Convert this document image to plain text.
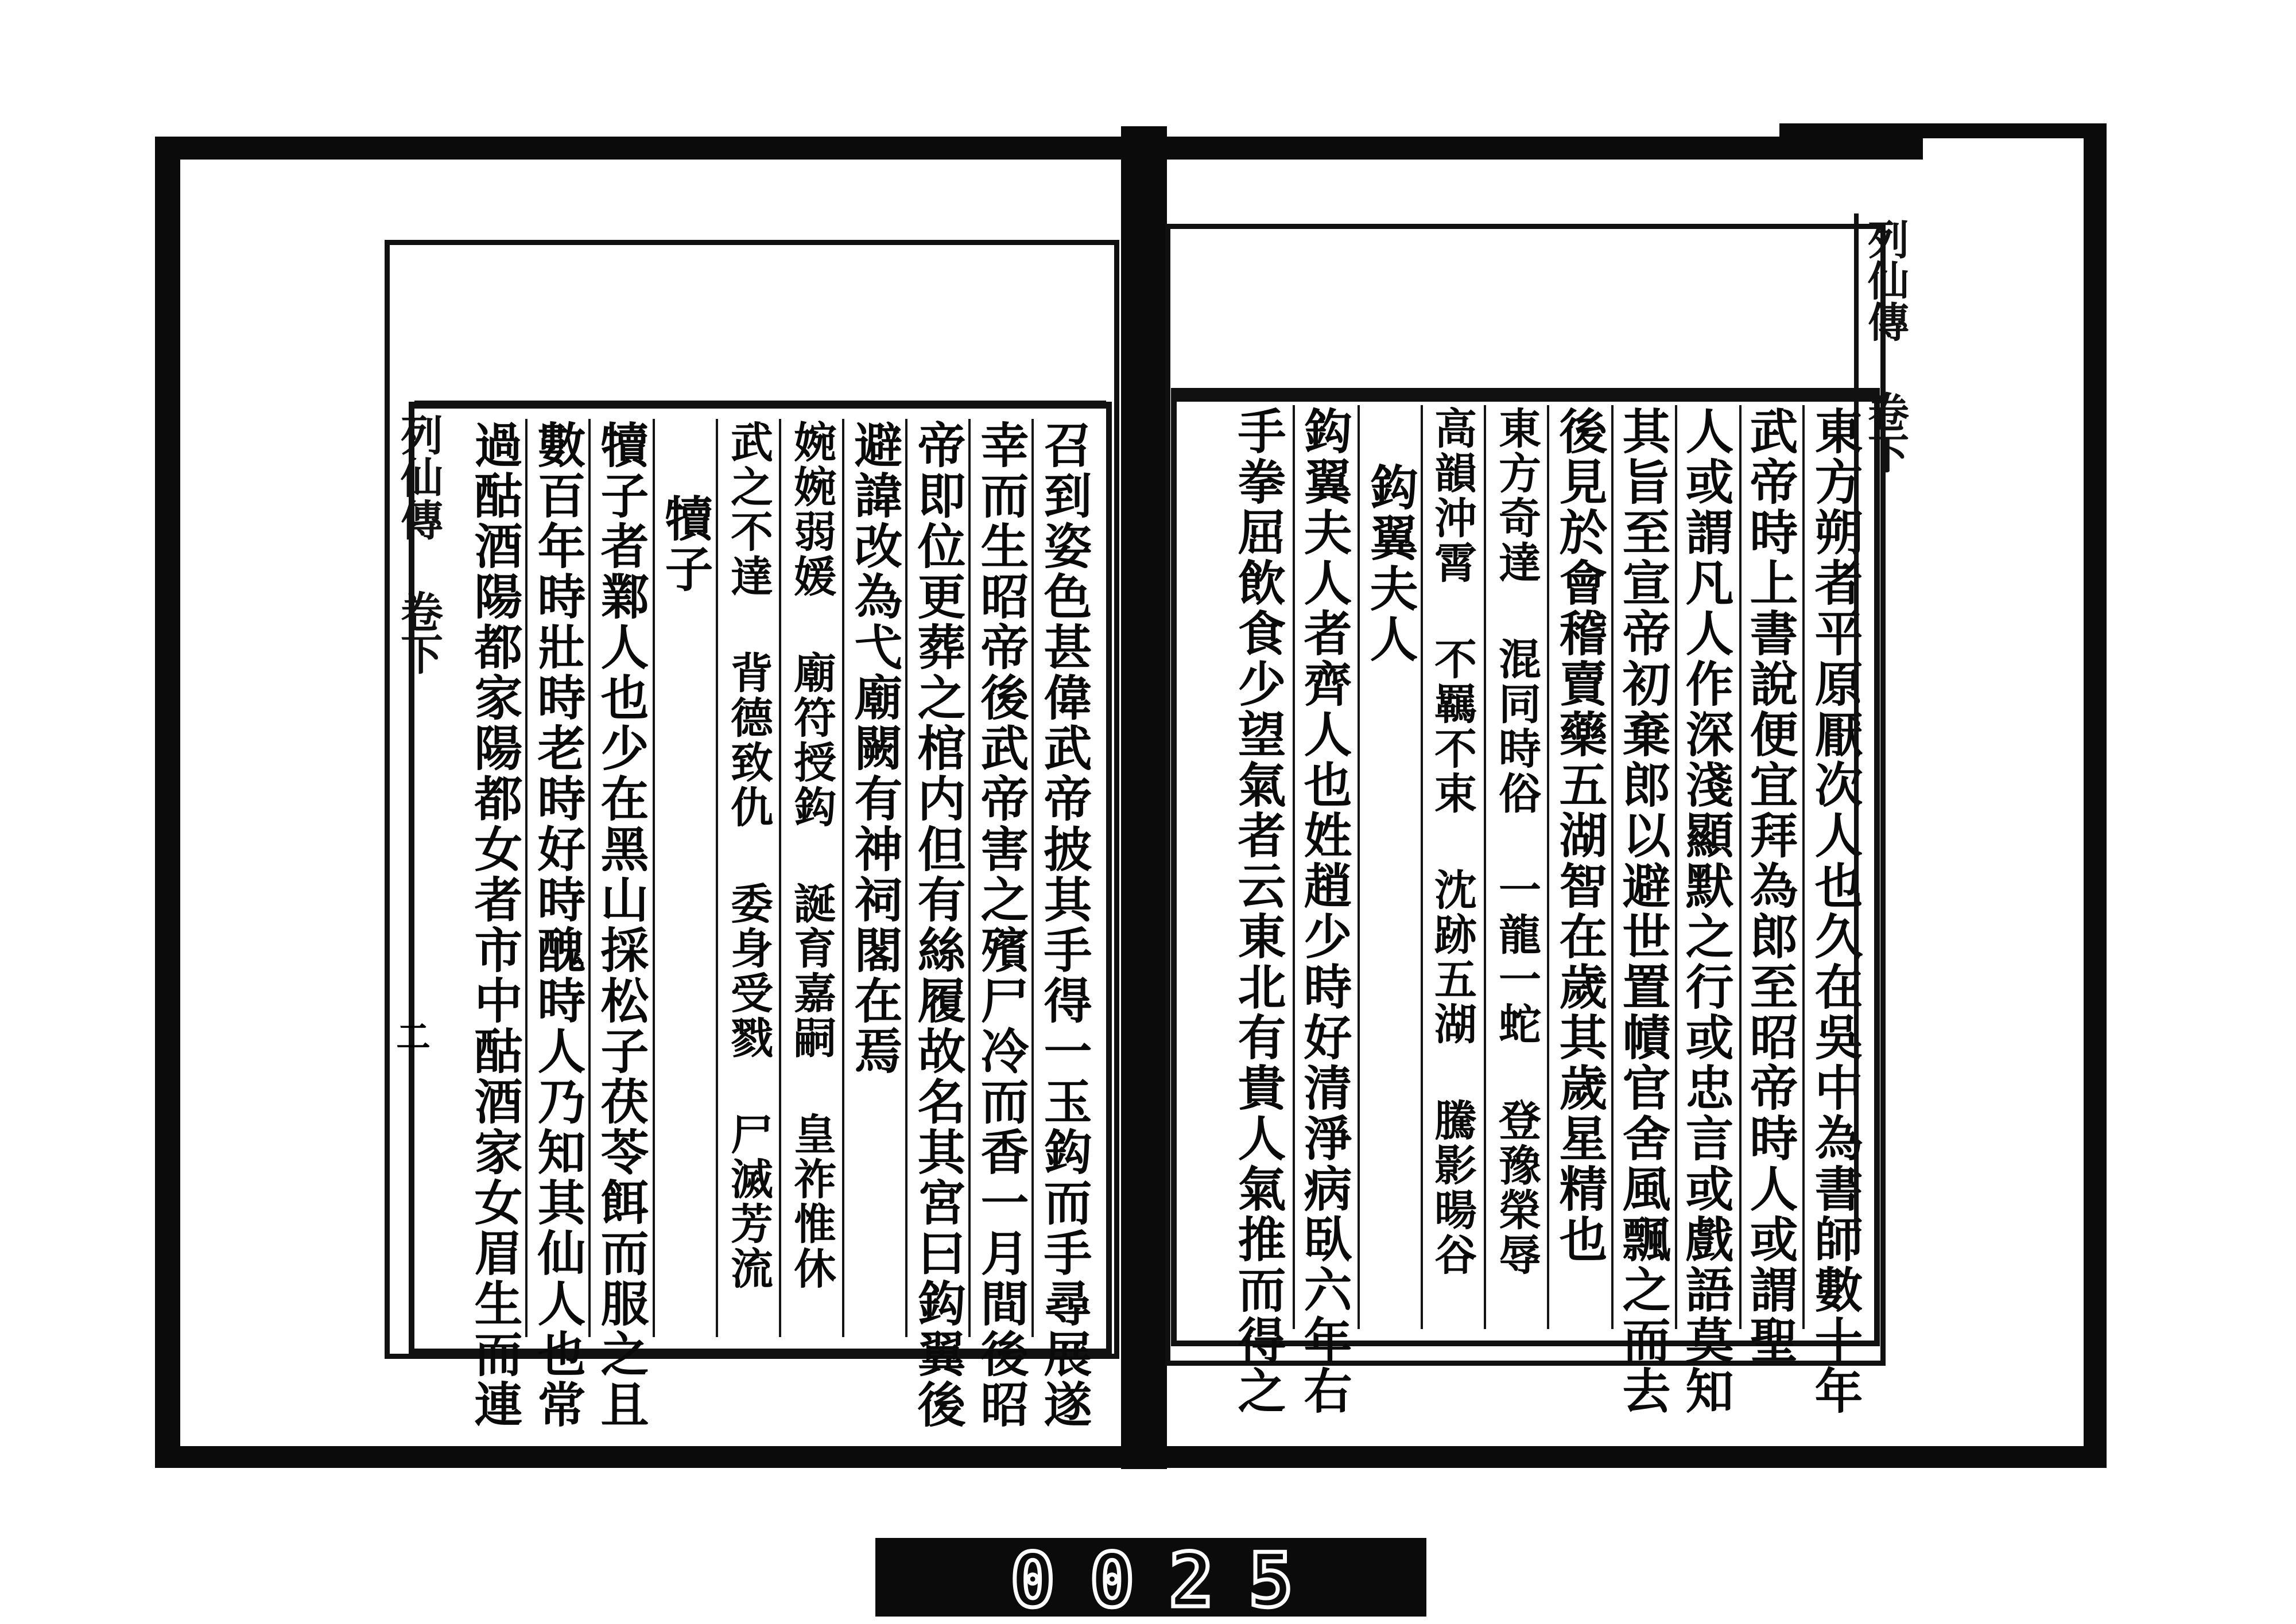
東方朔者平原厭次人也久在吳中為書師數十年
武帝時上書說便宜拜為郎至昭帝時人或謂聖
人或謂凡人作深淺顯默之行或忠言或戲語莫知
其旨至宣帝初棄郎以避世置幘官舍風飄之而去
後見於會稽賣藥五湖智在歲其歲星精也
東方奇達 混同時俗 一龍一蛇 登豫榮辱
高韻沖霄 不羈不束 沈跡五湖 騰影暘谷
鈎翼夫人
鈎翼夫人者齊人也姓趙少時好清淨病臥六年右
手拳屈飲食少望氣者云東北有貴人氣推而得之
列仙傳 卷下
召到姿色甚偉武帝披其手得一玉鈎而手尋展遂
幸而生昭帝後武帝害之殯尸冷而香一月間後昭
帝即位更葬之棺内但有絲履故名其宮曰鈎翼後
避諱改為弋廟闕有神祠閣在焉
婉婉弱媛 廟符授鈎 誕育嘉嗣 皇祚惟休
武之不達 背德致仇 委身受戮 尸滅芳流
犢子
犢子者鄴人也少在黑山採松子茯苓餌而服之且
數百年時壯時老時好時醜時人乃知其仙人也常
過酤酒陽都家陽都女者市中酤酒家女眉生而連
列仙傳 卷下
二
0025
